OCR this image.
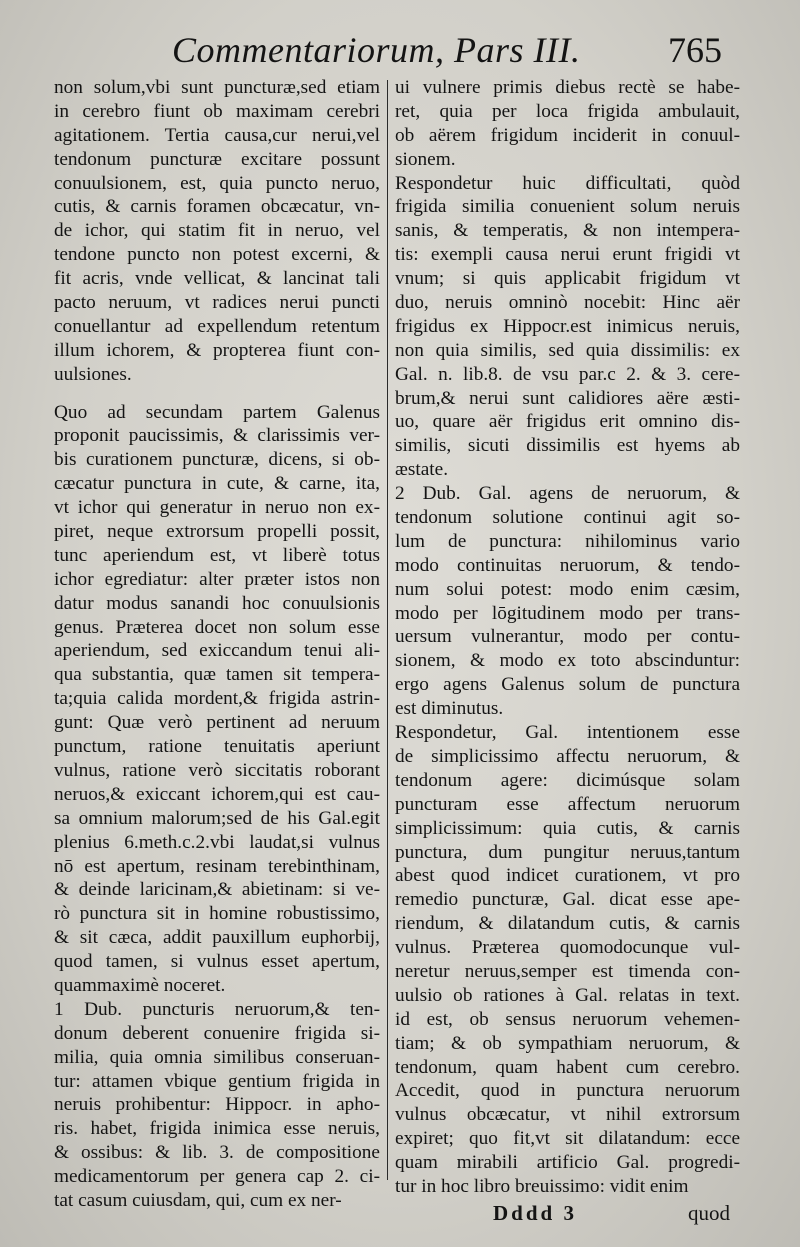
Commentariorum, Pars III. 765
non solum,vbi sunt puncturæ,sed etiam
in cerebro fiunt ob maximam cerebri
agitationem. Tertia causa,cur nerui,vel
tendonum puncturæ excitare possunt
conuulsionem, est, quia puncto neruo,
cutis, & carnis foramen obcæcatur, vn-
de ichor, qui statim fit in neruo, vel
tendone puncto non potest excerni, &
fit acris, vnde vellicat, & lancinat tali
pacto neruum, vt radices nerui puncti
conuellantur ad expellendum retentum
illum ichorem, & propterea fiunt con-
uulsiones.
Quo ad secundam partem Galenus
proponit paucissimis, & clarissimis ver-
bis curationem puncturæ, dicens, si ob-
cæcatur punctura in cute, & carne, ita,
vt ichor qui generatur in neruo non ex-
piret, neque extrorsum propelli possit,
tunc aperiendum est, vt liberè totus
ichor egrediatur: alter præter istos non
datur modus sanandi hoc conuulsionis
genus. Præterea docet non solum esse
aperiendum, sed exiccandum tenui ali-
qua substantia, quæ tamen sit tempera-
ta;quia calida mordent,& frigida astrin-
gunt: Quæ verò pertinent ad neruum
punctum, ratione tenuitatis aperiunt
vulnus, ratione verò siccitatis roborant
neruos,& exiccant ichorem,qui est cau-
sa omnium malorum;sed de his Gal.egit
plenius 6.meth.c.2.vbi laudat,si vulnus
nō est apertum, resinam terebinthinam,
& deinde laricinam,& abietinam: si ve-
rò punctura sit in homine robustissimo,
& sit cæca, addit pauxillum euphorbij,
quod tamen, si vulnus esset apertum,
quammaximè noceret.
1 Dub. puncturis neruorum,& ten-
donum deberent conuenire frigida si-
milia, quia omnia similibus conseruan-
tur: attamen vbique gentium frigida in
neruis prohibentur: Hippocr. in apho-
ris. habet, frigida inimica esse neruis,
& ossibus: & lib. 3. de compositione
medicamentorum per genera cap 2. ci-
tat casum cuiusdam, qui, cum ex ner-
ui vulnere primis diebus rectè se habe-
ret, quia per loca frigida ambulauit,
ob aërem frigidum inciderit in conuul-
sionem.
Respondetur huic difficultati, quòd
frigida similia conuenient solum neruis
sanis, & temperatis, & non intempera-
tis: exempli causa nerui erunt frigidi vt
vnum; si quis applicabit frigidum vt
duo, neruis omninò nocebit: Hinc aër
frigidus ex Hippocr.est inimicus neruis,
non quia similis, sed quia dissimilis: ex
Gal. n. lib.8. de vsu par.c 2. & 3. cere-
brum,& nerui sunt calidiores aëre æsti-
uo, quare aër frigidus erit omnino dis-
similis, sicuti dissimilis est hyems ab
æstate.
2 Dub. Gal. agens de neruorum, &
tendonum solutione continui agit so-
lum de punctura: nihilominus vario
modo continuitas neruorum, & tendo-
num solui potest: modo enim cæsim,
modo per lōgitudinem modo per trans-
uersum vulnerantur, modo per contu-
sionem, & modo ex toto abscinduntur:
ergo agens Galenus solum de punctura
est diminutus.
Respondetur, Gal. intentionem esse
de simplicissimo affectu neruorum, &
tendonum agere: dicimúsque solam
puncturam esse affectum neruorum
simplicissimum: quia cutis, & carnis
punctura, dum pungitur neruus,tantum
abest quod indicet curationem, vt pro
remedio puncturæ, Gal. dicat esse ape-
riendum, & dilatandum cutis, & carnis
vulnus. Præterea quomodocunque vul-
neretur neruus,semper est timenda con-
uulsio ob rationes à Gal. relatas in text.
id est, ob sensus neruorum vehemen-
tiam; & ob sympathiam neruorum, &
tendonum, quam habent cum cerebro.
Accedit, quod in punctura neruorum
vulnus obcæcatur, vt nihil extrorsum
expiret; quo fit,vt sit dilatandum: ecce
quam mirabili artificio Gal. progredi-
tur in hoc libro breuissimo: vidit enim
Dddd 3	quod
